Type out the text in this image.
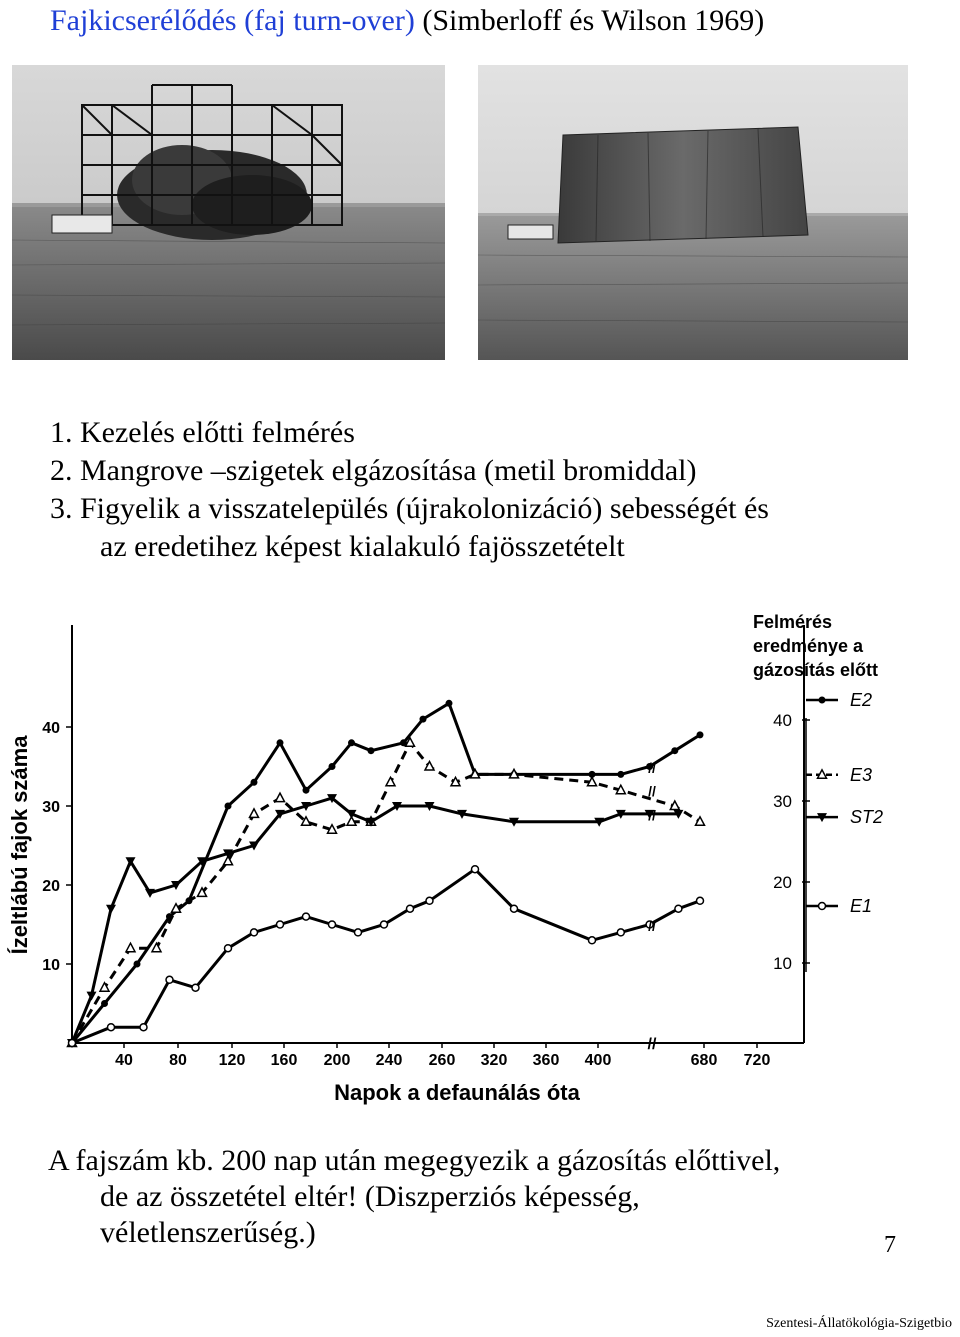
Fajkicserélődés (faj turn-over) (Simberloff és Wilson 1969)
1. Kezelés előtti felmérés
2. Mangrove –szigetek elgázosítása (metil bromiddal)
3. Figyelik a visszatelepülés (újrakolonizáció) sebességét és
az eredetihez képest kialakuló fajösszetételt
10
20
30
40
40 80 120 160 200 240 260 320 360 400	680 720
//
Napok a defaunálás óta
Ízeltlábú fajok száma	//
//
//
//
Felmérés
eredménye a
gázosítás előtt
40
30
20
10
E2
E3
ST2
E1
A fajszám kb. 200 nap után megegyezik a gázosítás előttivel,
de az összetétel eltér! (Diszperziós képesség,
véletlenszerűség.)	7
Szentesi-Állatökológia-Szigetbio
